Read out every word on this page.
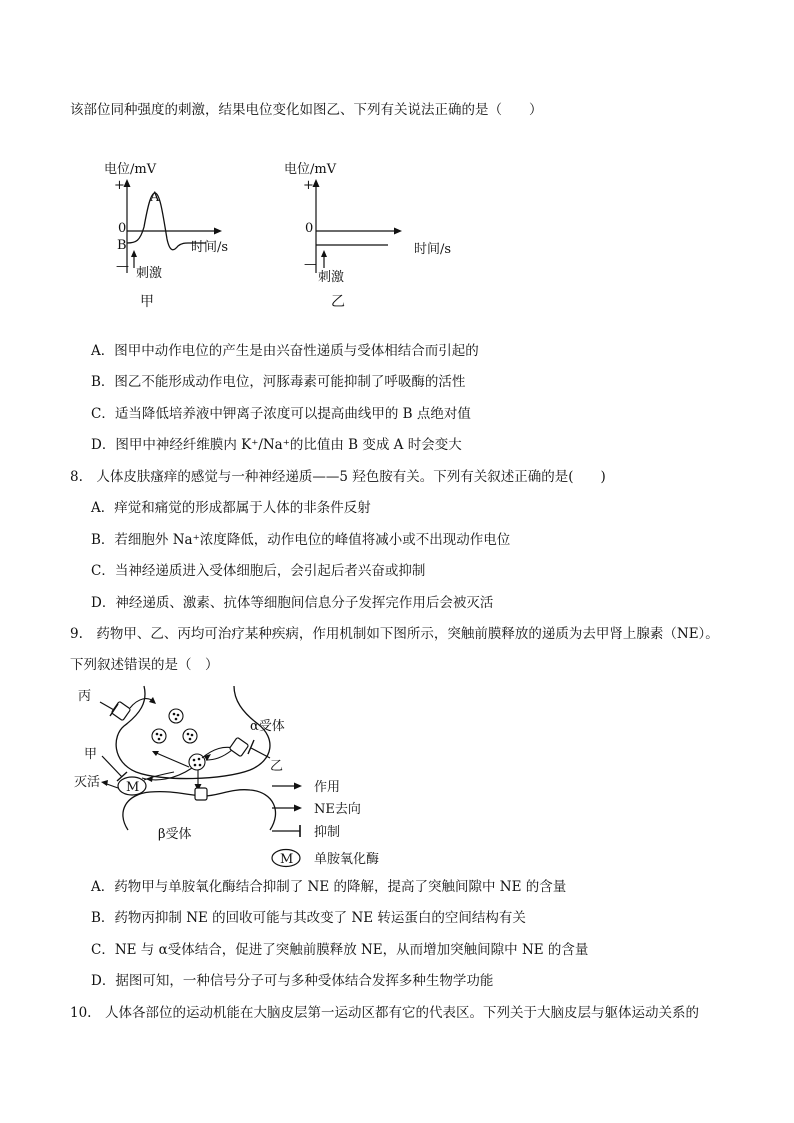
该部位同种强度的刺激，结果电位变化如图乙、下列有关说法正确的是（　　）
电位/mV
+
0
A
B
—
时间/s
刺激
甲
电位/mV
+
0
—
时间/s
刺激
乙
A．图甲中动作电位的产生是由兴奋性递质与受体相结合而引起的
B．图乙不能形成动作电位，河豚毒素可能抑制了呼吸酶的活性
C．适当降低培养液中钾离子浓度可以提高曲线甲的 B 点绝对值
D．图甲中神经纤维膜内 K⁺/Na⁺的比值由 B 变成 A 时会变大
8.　人体皮肤瘙痒的感觉与一种神经递质——5 羟色胺有关。下列有关叙述正确的是(　　)
A．痒觉和痛觉的形成都属于人体的非条件反射
B．若细胞外 Na⁺浓度降低，动作电位的峰值将减小或不出现动作电位
C．当神经递质进入受体细胞后，会引起后者兴奋或抑制
D．神经递质、激素、抗体等细胞间信息分子发挥完作用后会被灭活
9.　药物甲、乙、丙均可治疗某种疾病，作用机制如下图所示，突触前膜释放的递质为去甲肾上腺素（NE）。
下列叙述错误的是（　）
M
丙
α受体
甲
灭活
乙
β受体
作用
NE去向
抑制
M 单胺氧化酶
A．药物甲与单胺氧化酶结合抑制了 NE 的降解，提高了突触间隙中 NE 的含量
B．药物丙抑制 NE 的回收可能与其改变了 NE 转运蛋白的空间结构有关
C．NE 与 α受体结合，促进了突触前膜释放 NE，从而增加突触间隙中 NE 的含量
D．据图可知，一种信号分子可与多种受体结合发挥多种生物学功能
10.　人体各部位的运动机能在大脑皮层第一运动区都有它的代表区。下列关于大脑皮层与躯体运动关系的
